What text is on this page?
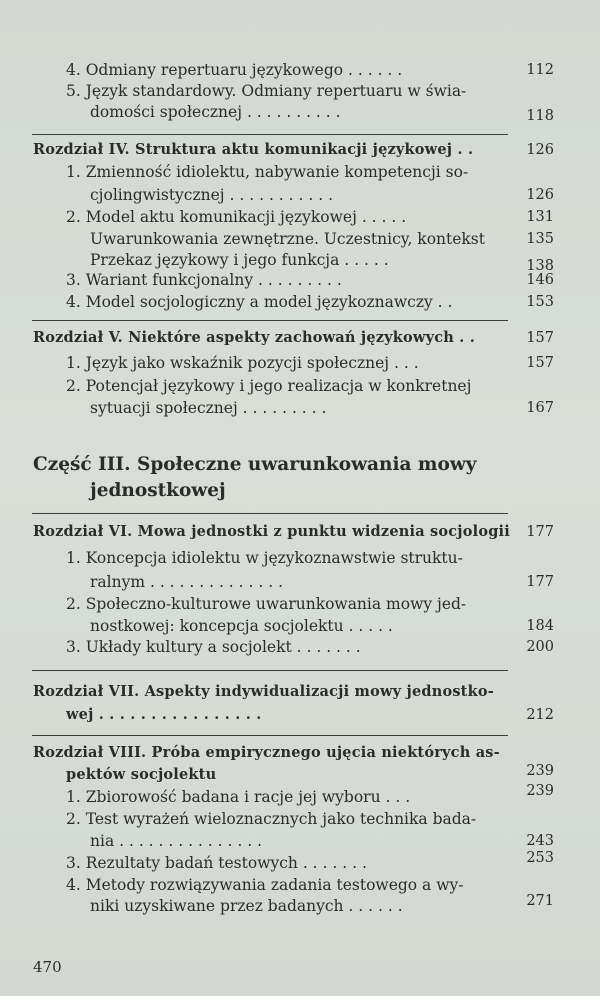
4. Odmiany repertuaru językowego . . . . . .	112
5. Język standardowy. Odmiany repertuaru w świa-
domości społecznej . . . . . . . . . .	118
Rozdział IV. Struktura aktu komunikacji językowej . .	126
1. Zmienność idiolektu, nabywanie kompetencji so-
cjolingwistycznej . . . . . . . . . . .	126
2. Model aktu komunikacji językowej . . . . .	131
Uwarunkowania zewnętrzne. Uczestnicy, kontekst	135
Przekaz językowy i jego funkcja . . . . .	138
3. Wariant funkcjonalny . . . . . . . . .	146
4. Model socjologiczny a model językoznawczy . .	153
Rozdział V. Niektóre aspekty zachowań językowych . .	157
1. Język jako wskaźnik pozycji społecznej . . .	157
2. Potencjał językowy i jego realizacja w konkretnej
sytuacji społecznej . . . . . . . . .	167
Część III. Społeczne uwarunkowania mowy
jednostkowej
Rozdział VI. Mowa jednostki z punktu widzenia socjologii 177
1. Koncepcja idiolektu w językoznawstwie struktu-
ralnym . . . . . . . . . . . . . .	177
2. Społeczno-kulturowe uwarunkowania mowy jed-
nostkowej: koncepcja socjolektu . . . . .	184
3. Układy kultury a socjolekt . . . . . . .	200
Rozdział VII. Aspekty indywidualizacji mowy jednostko-
wej . . . . . . . . . . . . . . . .	212
Rozdział VIII. Próba empirycznego ujęcia niektórych as-
pektów socjolektu	239
1. Zbiorowość badana i racje jej wyboru . . .	239
2. Test wyrażeń wieloznacznych jako technika bada-
nia . . . . . . . . . . . . . . .	243
3. Rezultaty badań testowych . . . . . . .	253
4. Metody rozwiązywania zadania testowego a wy-
niki uzyskiwane przez badanych . . . . . .	271
470
